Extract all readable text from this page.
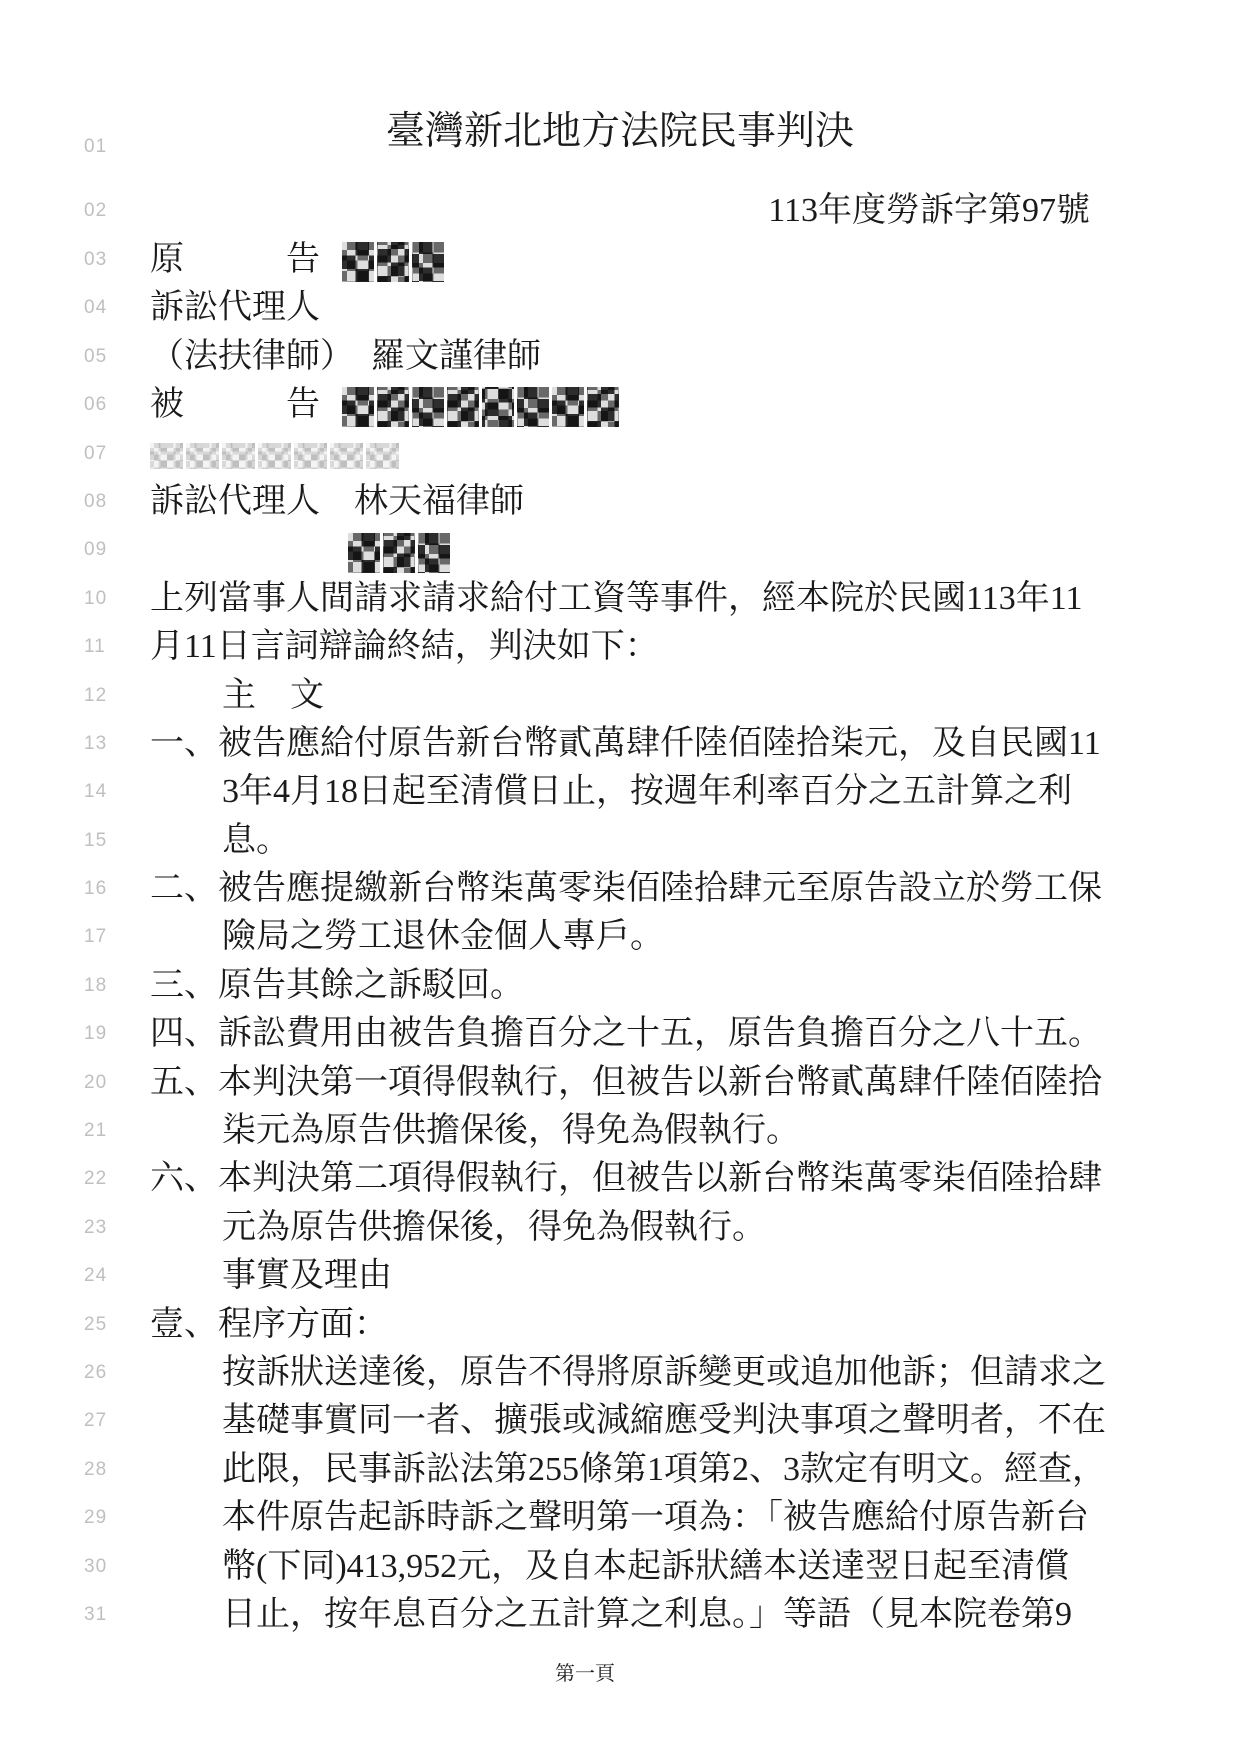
01	臺灣新北地方法院民事判決
02	113年度勞訴字第97號
03	原　　　告
04	訴訟代理人
05	（法扶律師）　羅文謹律師
06	被　　　告
07
08	訴訟代理人　林天福律師
09
10	上列當事人間請求請求給付工資等事件，經本院於民國113年11
11	月11日言詞辯論終結，判決如下：
12	主　文
13	一、被告應給付原告新台幣貳萬肆仟陸佰陸拾柒元，及自民國11
14	3年4月18日起至清償日止，按週年利率百分之五計算之利
15	息。
16	二、被告應提繳新台幣柒萬零柒佰陸拾肆元至原告設立於勞工保
17	險局之勞工退休金個人專戶。
18	三、原告其餘之訴駁回。
19	四、訴訟費用由被告負擔百分之十五，原告負擔百分之八十五。
20	五、本判決第一項得假執行，但被告以新台幣貳萬肆仟陸佰陸拾
21	柒元為原告供擔保後，得免為假執行。
22	六、本判決第二項得假執行，但被告以新台幣柒萬零柒佰陸拾肆
23	元為原告供擔保後，得免為假執行。
24	事實及理由
25	壹、程序方面：
26	按訴狀送達後，原告不得將原訴變更或追加他訴；但請求之
27	基礎事實同一者、擴張或減縮應受判決事項之聲明者，不在
28	此限，民事訴訟法第255條第1項第2、3款定有明文。經查，
29	本件原告起訴時訴之聲明第一項為：「被告應給付原告新台
30	幣(下同)413,952元，及自本起訴狀繕本送達翌日起至清償
31	日止，按年息百分之五計算之利息。」等語（見本院卷第9
第一頁
